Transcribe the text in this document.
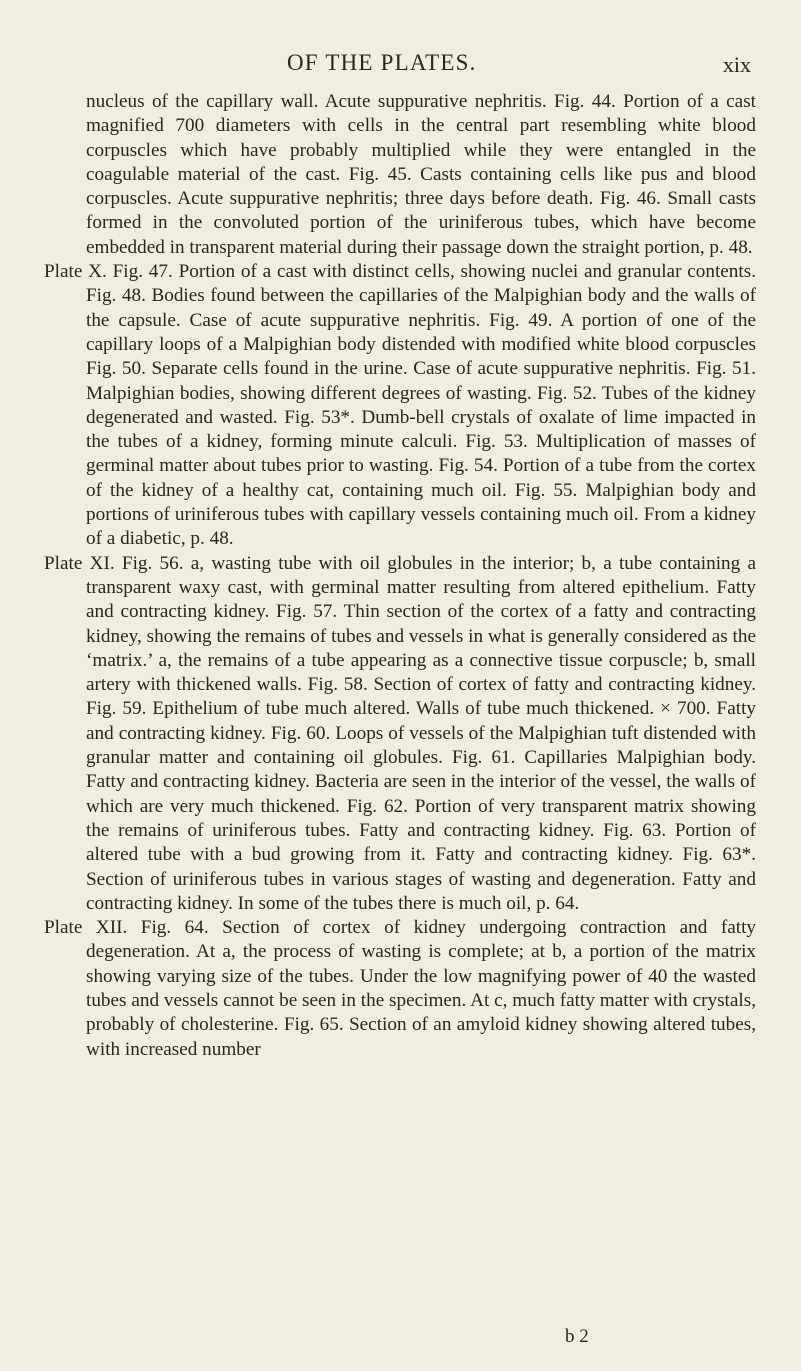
OF THE PLATES.	xix

nucleus of the capillary wall. Acute suppurative nephritis. Fig. 44. Portion of a cast magnified 700 diameters with cells in the central part resembling white blood corpuscles which have probably multiplied while they were entangled in the coagulable material of the cast. Fig. 45. Casts containing cells like pus and blood corpuscles. Acute suppurative nephritis; three days before death. Fig. 46. Small casts formed in the convoluted portion of the uriniferous tubes, which have become embedded in transparent material during their passage down the straight portion, p. 48.

Plate X. Fig. 47. Portion of a cast with distinct cells, showing nuclei and granular contents. Fig. 48. Bodies found between the capillaries of the Malpighian body and the walls of the capsule. Case of acute suppurative nephritis. Fig. 49. A portion of one of the capillary loops of a Malpighian body distended with modified white blood corpuscles Fig. 50. Separate cells found in the urine. Case of acute suppurative nephritis. Fig. 51. Malpighian bodies, showing different degrees of wasting. Fig. 52. Tubes of the kidney degenerated and wasted. Fig. 53*. Dumb-bell crystals of oxalate of lime impacted in the tubes of a kidney, forming minute calculi. Fig. 53. Multiplication of masses of germinal matter about tubes prior to wasting. Fig. 54. Portion of a tube from the cortex of the kidney of a healthy cat, containing much oil. Fig. 55. Malpighian body and portions of uriniferous tubes with capillary vessels containing much oil. From a kidney of a diabetic, p. 48.

Plate XI. Fig. 56. a, wasting tube with oil globules in the interior; b, a tube containing a transparent waxy cast, with germinal matter resulting from altered epithelium. Fatty and contracting kidney. Fig. 57. Thin section of the cortex of a fatty and contracting kidney, showing the remains of tubes and vessels in what is generally considered as the ‘matrix.’ a, the remains of a tube appearing as a connective tissue corpuscle; b, small artery with thickened walls. Fig. 58. Section of cortex of fatty and contracting kidney. Fig. 59. Epithelium of tube much altered. Walls of tube much thickened. × 700. Fatty and contracting kidney. Fig. 60. Loops of vessels of the Malpighian tuft distended with granular matter and containing oil globules. Fig. 61. Capillaries Malpighian body. Fatty and contracting kidney. Bacteria are seen in the interior of the vessel, the walls of which are very much thickened. Fig. 62. Portion of very transparent matrix showing the remains of uriniferous tubes. Fatty and contracting kidney. Fig. 63. Portion of altered tube with a bud growing from it. Fatty and contracting kidney. Fig. 63*. Section of uriniferous tubes in various stages of wasting and degeneration. Fatty and contracting kidney. In some of the tubes there is much oil, p. 64.

Plate XII. Fig. 64. Section of cortex of kidney undergoing contraction and fatty degeneration. At a, the process of wasting is complete; at b, a portion of the matrix showing varying size of the tubes. Under the low magnifying power of 40 the wasted tubes and vessels cannot be seen in the specimen. At c, much fatty matter with crystals, probably of cholesterine. Fig. 65. Section of an amyloid kidney showing altered tubes, with increased number

b 2
